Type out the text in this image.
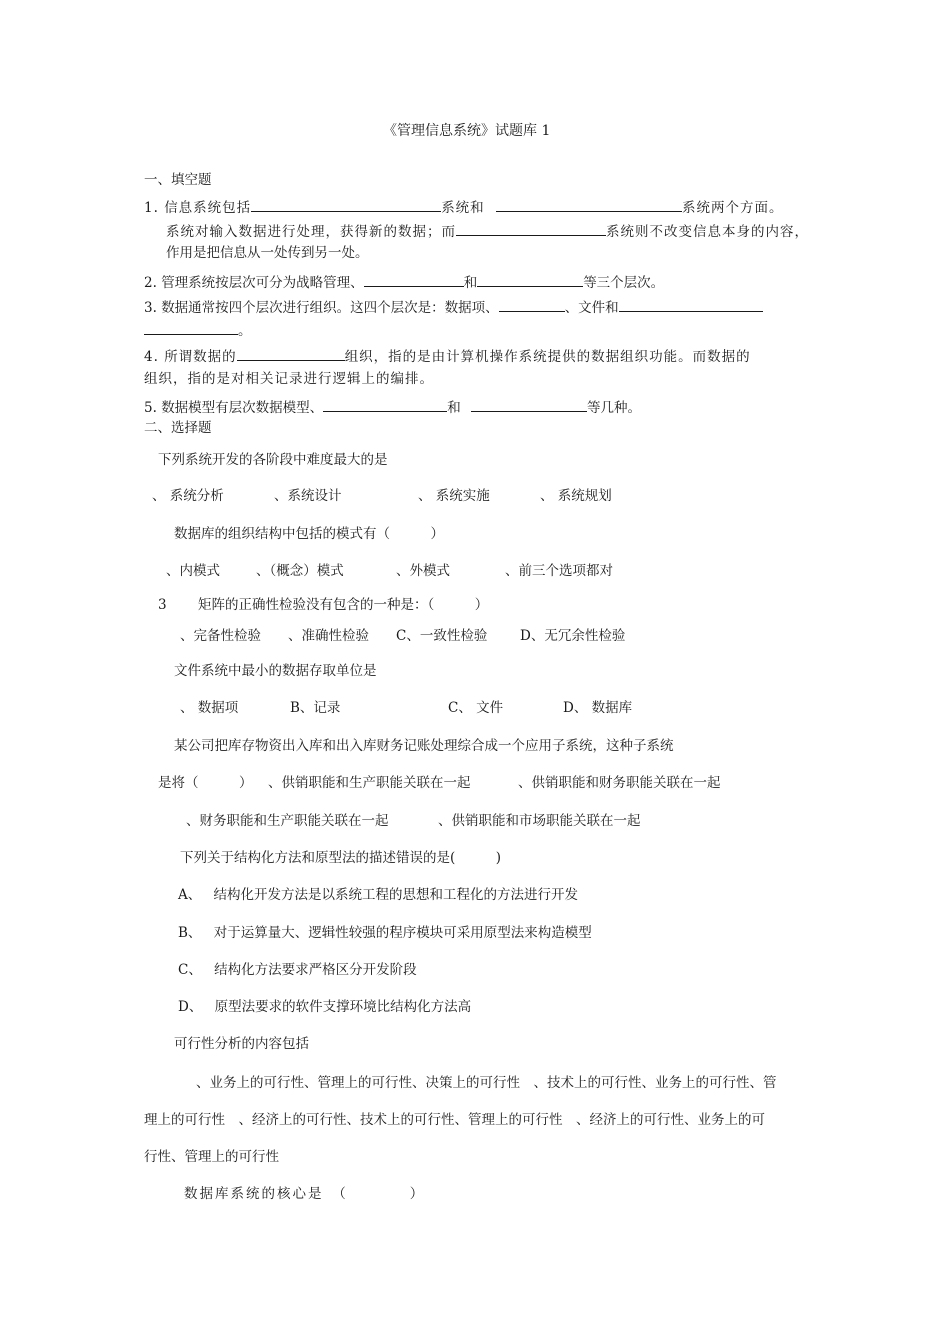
《管理信息系统》试题库 1
一、填空题
1. 信息系统包括	系统和	系统两个方面。
系统对输入数据进行处理，获得新的数据；而	系统则不改变信息本身的内容，
作用是把信息从一处传到另一处。
2. 管理系统按层次可分为战略管理、	和	等三个层次。
3. 数据通常按四个层次进行组织。这四个层次是：数据项、	、文件和
。
4. 所谓数据的	组织，指的是由计算机操作系统提供的数据组织功能。而数据的
组织，指的是对相关记录进行逻辑上的编排。
5. 数据模型有层次数据模型、	和	等几种。
二、选择题
下列系统开发的各阶段中难度最大的是
、 系统分析	、系统设计	、 系统实施	、 系统规划
数据库的组织结构中包括的模式有（　　　）
、内模式	、（概念）模式	、外模式	、前三个选项都对
3 矩阵的正确性检验没有包含的一种是：（　　　）
、完备性检验 、准确性检验 C、一致性检验 D、无冗余性检验
文件系统中最小的数据存取单位是
、 数据项	B、记录	C、 文件	D、 数据库
某公司把库存物资出入库和出入库财务记账处理综合成一个应用子系统，这种子系统
是将（　　　） 、供销职能和生产职能关联在一起	、供销职能和财务职能关联在一起
、财务职能和生产职能关联在一起	、供销职能和市场职能关联在一起
下列关于结构化方法和原型法的描述错误的是(　　　)
A、 结构化开发方法是以系统工程的思想和工程化的方法进行开发
B、 对于运算量大、逻辑性较强的程序模块可采用原型法来构造模型
C、 结构化方法要求严格区分开发阶段
D、 原型法要求的软件支撑环境比结构化方法高
可行性分析的内容包括
、业务上的可行性、管理上的可行性、决策上的可行性　、技术上的可行性、业务上的可行性、管
理上的可行性　、经济上的可行性、技术上的可行性、管理上的可行性　、经济上的可行性、业务上的可
行性、管理上的可行性
数据库系统的核心是　（　　　　）
